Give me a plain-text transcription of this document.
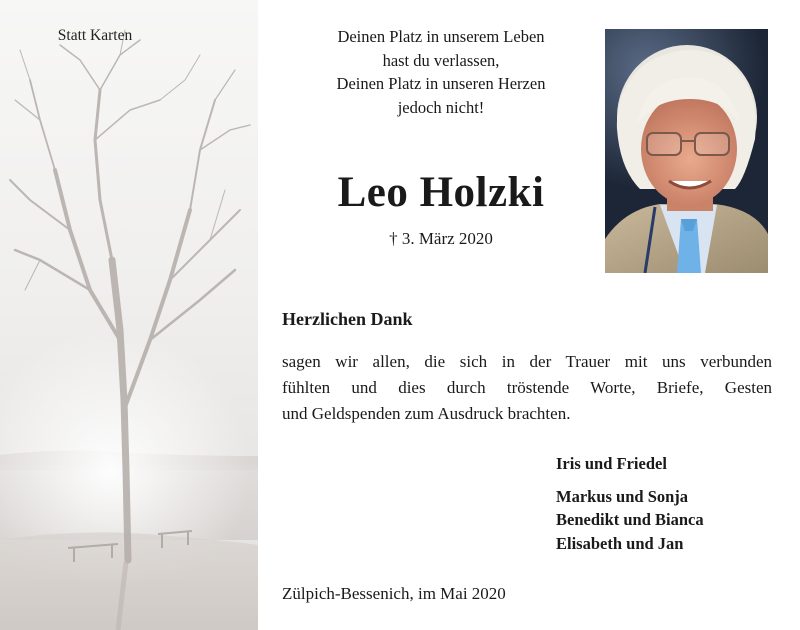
Statt Karten	Deinen Platz in unserem Leben
hast du verlassen,
Deinen Platz in unseren Herzen
jedoch nicht!
Leo Holzki
† 3. März 2020
Herzlichen Dank
sagen wir allen, die sich in der Trauer mit uns verbunden
fühlten und dies durch tröstende Worte, Briefe, Gesten
und Geldspenden zum Ausdruck brachten.
Iris und Friedel
Markus und Sonja
Benedikt und Bianca
Elisabeth und Jan
Zülpich-Bessenich, im Mai 2020
